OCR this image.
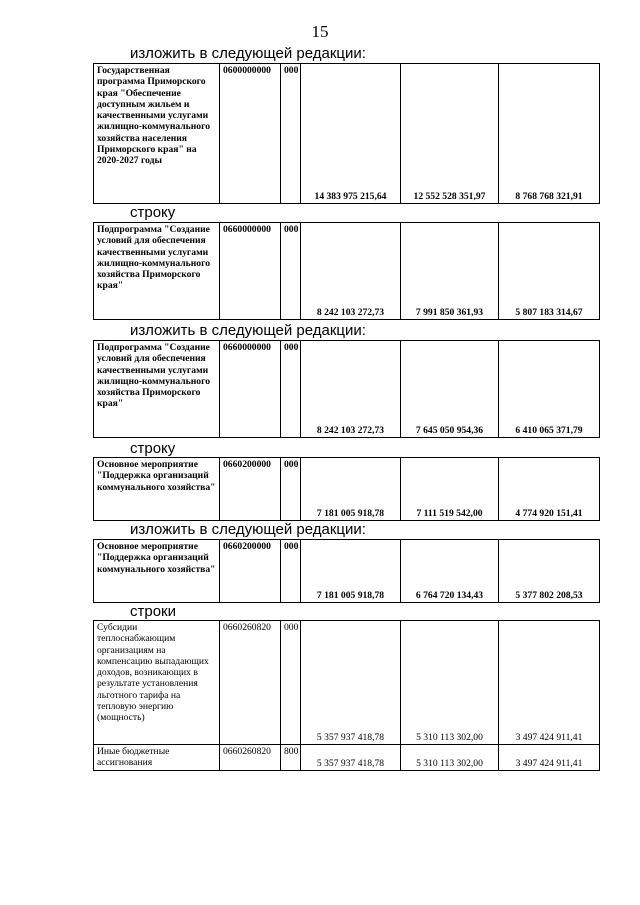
15
изложить в следующей редакции:
Государственная программа Приморского края "Обеспечение доступным жильем и качественными услугами жилищно-коммунального хозяйства населения Приморского края" на 2020-2027 годы	0600000000	000	14 383 975 215,64	12 552 528 351,97	8 768 768 321,91
строку
Подпрограмма "Создание условий для обеспечения качественными услугами жилищно-коммунального хозяйства Приморского края"	0660000000	000	8 242 103 272,73	7 991 850 361,93	5 807 183 314,67
изложить в следующей редакции:
Подпрограмма "Создание условий для обеспечения качественными услугами жилищно-коммунального хозяйства Приморского края"	0660000000	000	8 242 103 272,73	7 645 050 954,36	6 410 065 371,79
строку
Основное мероприятие "Поддержка организаций коммунального хозяйства"	0660200000	000	7 181 005 918,78	7 111 519 542,00	4 774 920 151,41
изложить в следующей редакции:
Основное мероприятие "Поддержка организаций коммунального хозяйства"	0660200000	000	7 181 005 918,78	6 764 720 134,43	5 377 802 208,53
строки
Субсидии теплоснабжающим организациям на компенсацию выпадающих доходов, возникающих в результате установления льготного тарифа на тепловую энергию (мощность)	0660260820	000	5 357 937 418,78	5 310 113 302,00	3 497 424 911,41
Иные бюджетные ассигнования	0660260820	800	5 357 937 418,78	5 310 113 302,00	3 497 424 911,41
